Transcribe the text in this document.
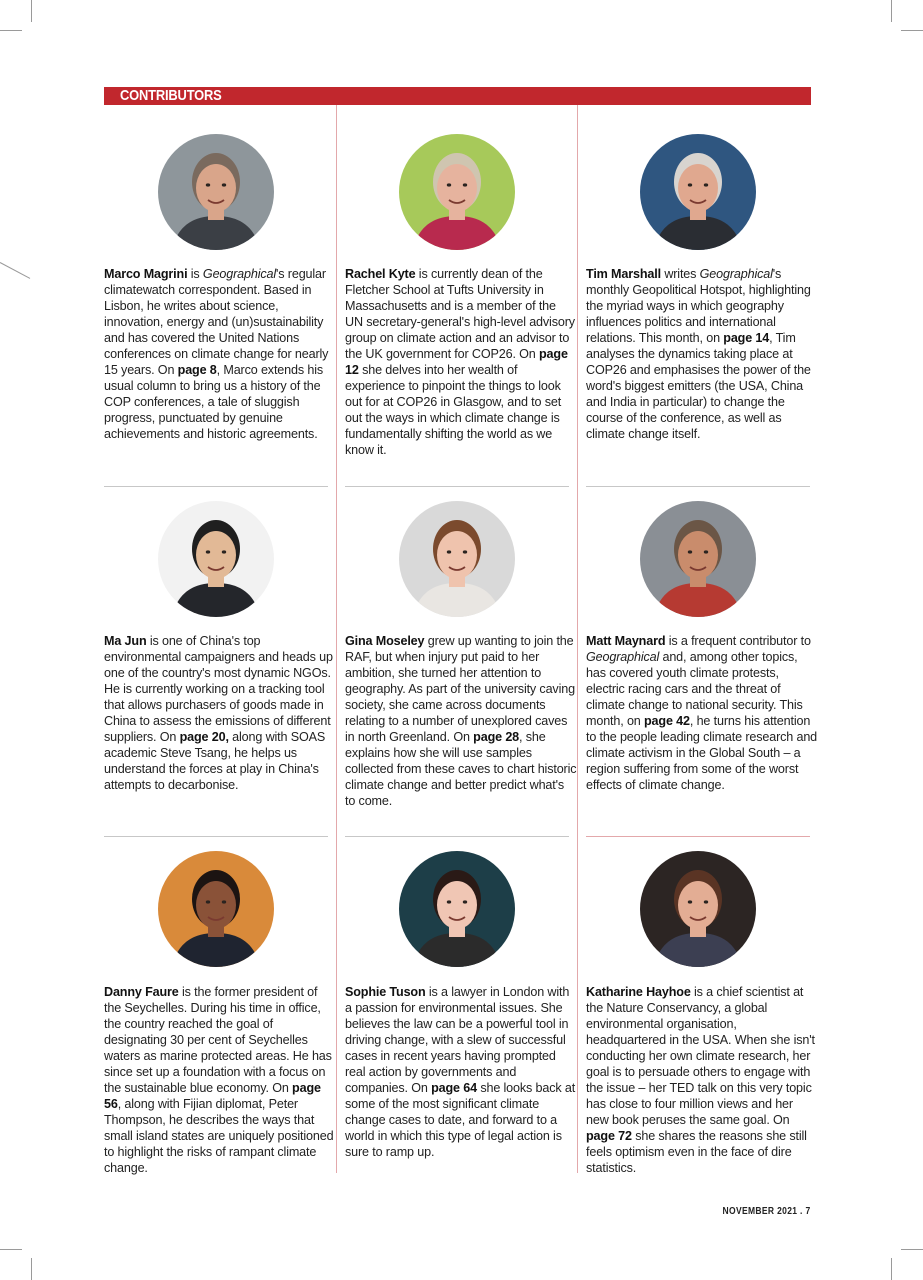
CONTRIBUTORS
Marco Magrini is Geographical's regular climatewatch correspondent. Based in Lisbon, he writes about science, innovation, energy and (un)sustainability and has covered the United Nations conferences on climate change for nearly 15 years. On page 8, Marco extends his usual column to bring us a history of the COP conferences, a tale of sluggish progress, punctuated by genuine achievements and historic agreements.
Rachel Kyte is currently dean of the Fletcher School at Tufts University in Massachusetts and is a member of the UN secretary-general's high-level advisory group on climate action and an advisor to the UK government for COP26. On page 12 she delves into her wealth of experience to pinpoint the things to look out for at COP26 in Glasgow, and to set out the ways in which climate change is fundamentally shifting the world as we know it.
Tim Marshall writes Geographical's monthly Geopolitical Hotspot, highlighting the myriad ways in which geography influences politics and international relations. This month, on page 14, Tim analyses the dynamics taking place at COP26 and emphasises the power of the word's biggest emitters (the USA, China and India in particular) to change the course of the conference, as well as climate change itself.
Ma Jun is one of China's top environmental campaigners and heads up one of the country's most dynamic NGOs. He is currently working on a tracking tool that allows purchasers of goods made in China to assess the emissions of different suppliers. On page 20, along with SOAS academic Steve Tsang, he helps us understand the forces at play in China's attempts to decarbonise.
Gina Moseley grew up wanting to join the RAF, but when injury put paid to her ambition, she turned her attention to geography. As part of the university caving society, she came across documents relating to a number of unexplored caves in north Greenland. On page 28, she explains how she will use samples collected from these caves to chart historic climate change and better predict what's to come.
Matt Maynard is a frequent contributor to Geographical and, among other topics, has covered youth climate protests, electric racing cars and the threat of climate change to national security. This month, on page 42, he turns his attention to the people leading climate research and climate activism in the Global South – a region suffering from some of the worst effects of climate change.
Danny Faure is the former president of the Seychelles. During his time in office, the country reached the goal of designating 30 per cent of Seychelles waters as marine protected areas. He has since set up a foundation with a focus on the sustainable blue economy. On page 56, along with Fijian diplomat, Peter Thompson, he describes the ways that small island states are uniquely positioned to highlight the risks of rampant climate change.
Sophie Tuson is a lawyer in London with a passion for environmental issues. She believes the law can be a powerful tool in driving change, with a slew of successful cases in recent years having prompted real action by governments and companies. On page 64 she looks back at some of the most significant climate change cases to date, and forward to a world in which this type of legal action is sure to ramp up.
Katharine Hayhoe is a chief scientist at the Nature Conservancy, a global environmental organisation, headquartered in the USA. When she isn't conducting her own climate research, her goal is to persuade others to engage with the issue – her TED talk on this very topic has close to four million views and her new book peruses the same goal. On page 72 she shares the reasons she still feels optimism even in the face of dire statistics.
NOVEMBER 2021 . 7
